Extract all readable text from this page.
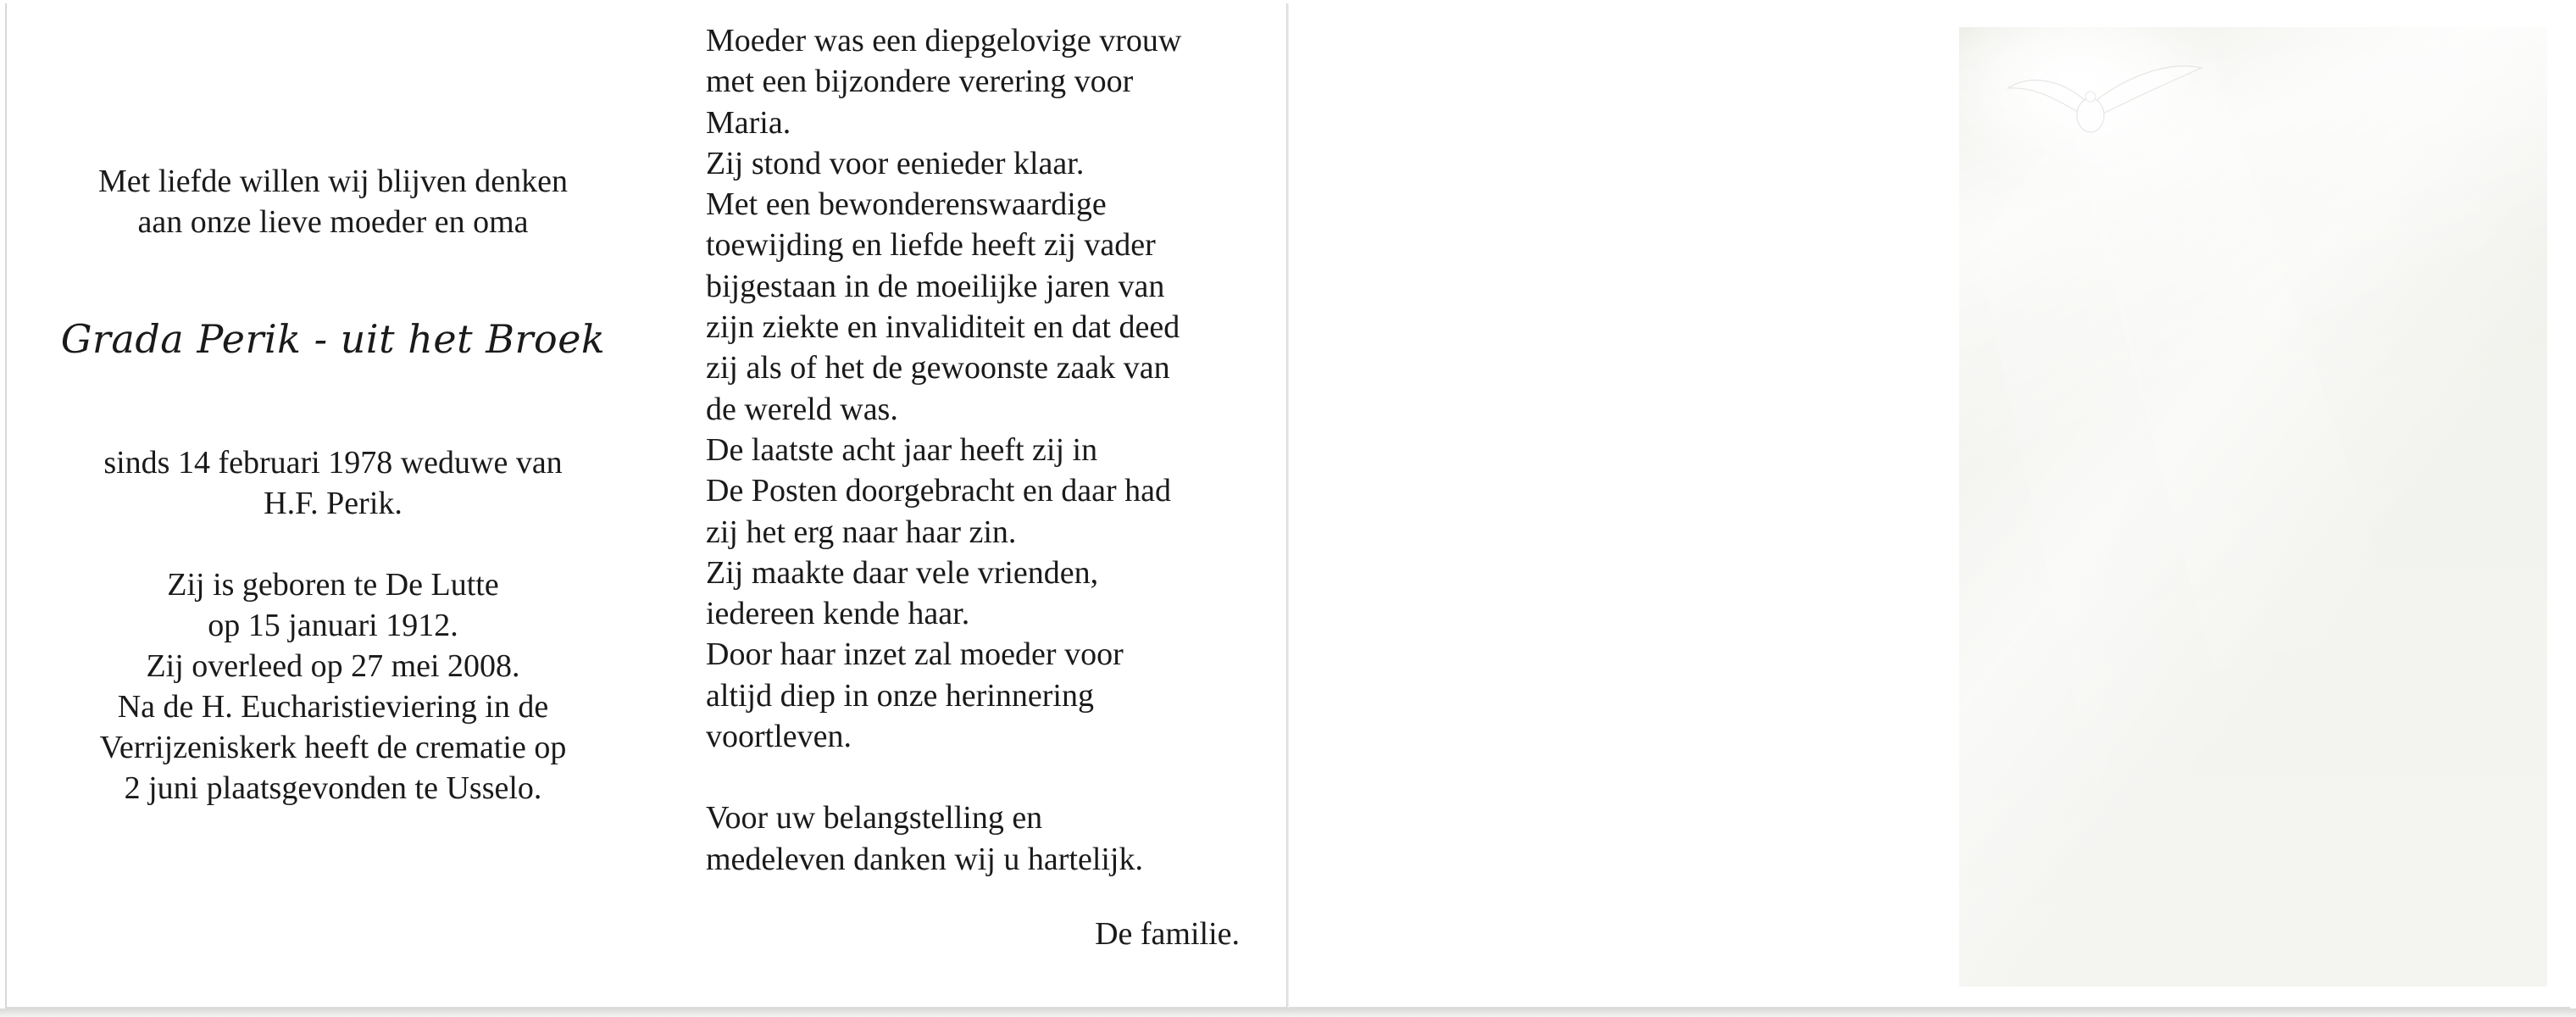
Met liefde willen wij blijven denken

aan onze lieve moeder en oma

Grada Perik - uit het Broek

sinds 14 februari 1978 weduwe van

H.F. Perik.

Zij is geboren te De Lutte

op 15 januari 1912.

Zij overleed op 27 mei 2008.

Na de H. Eucharistieviering in de

Verrijzeniskerk heeft de crematie op

2 juni plaatsgevonden te Usselo.

Moeder was een diepgelovige vrouw

met een bijzondere verering voor

Maria.

Zij stond voor eenieder klaar.

Met een bewonderenswaardige

toewijding en liefde heeft zij vader

bijgestaan in de moeilijke jaren van

zijn ziekte en invaliditeit en dat deed

zij als of het de gewoonste zaak van

de wereld was.

De laatste acht jaar heeft zij in

De Posten doorgebracht en daar had

zij het erg naar haar zin.

Zij maakte daar vele vrienden,

iedereen kende haar.

Door haar inzet zal moeder voor

altijd diep in onze herinnering

voortleven.

Voor uw belangstelling en

medeleven danken wij u hartelijk.

De familie.
